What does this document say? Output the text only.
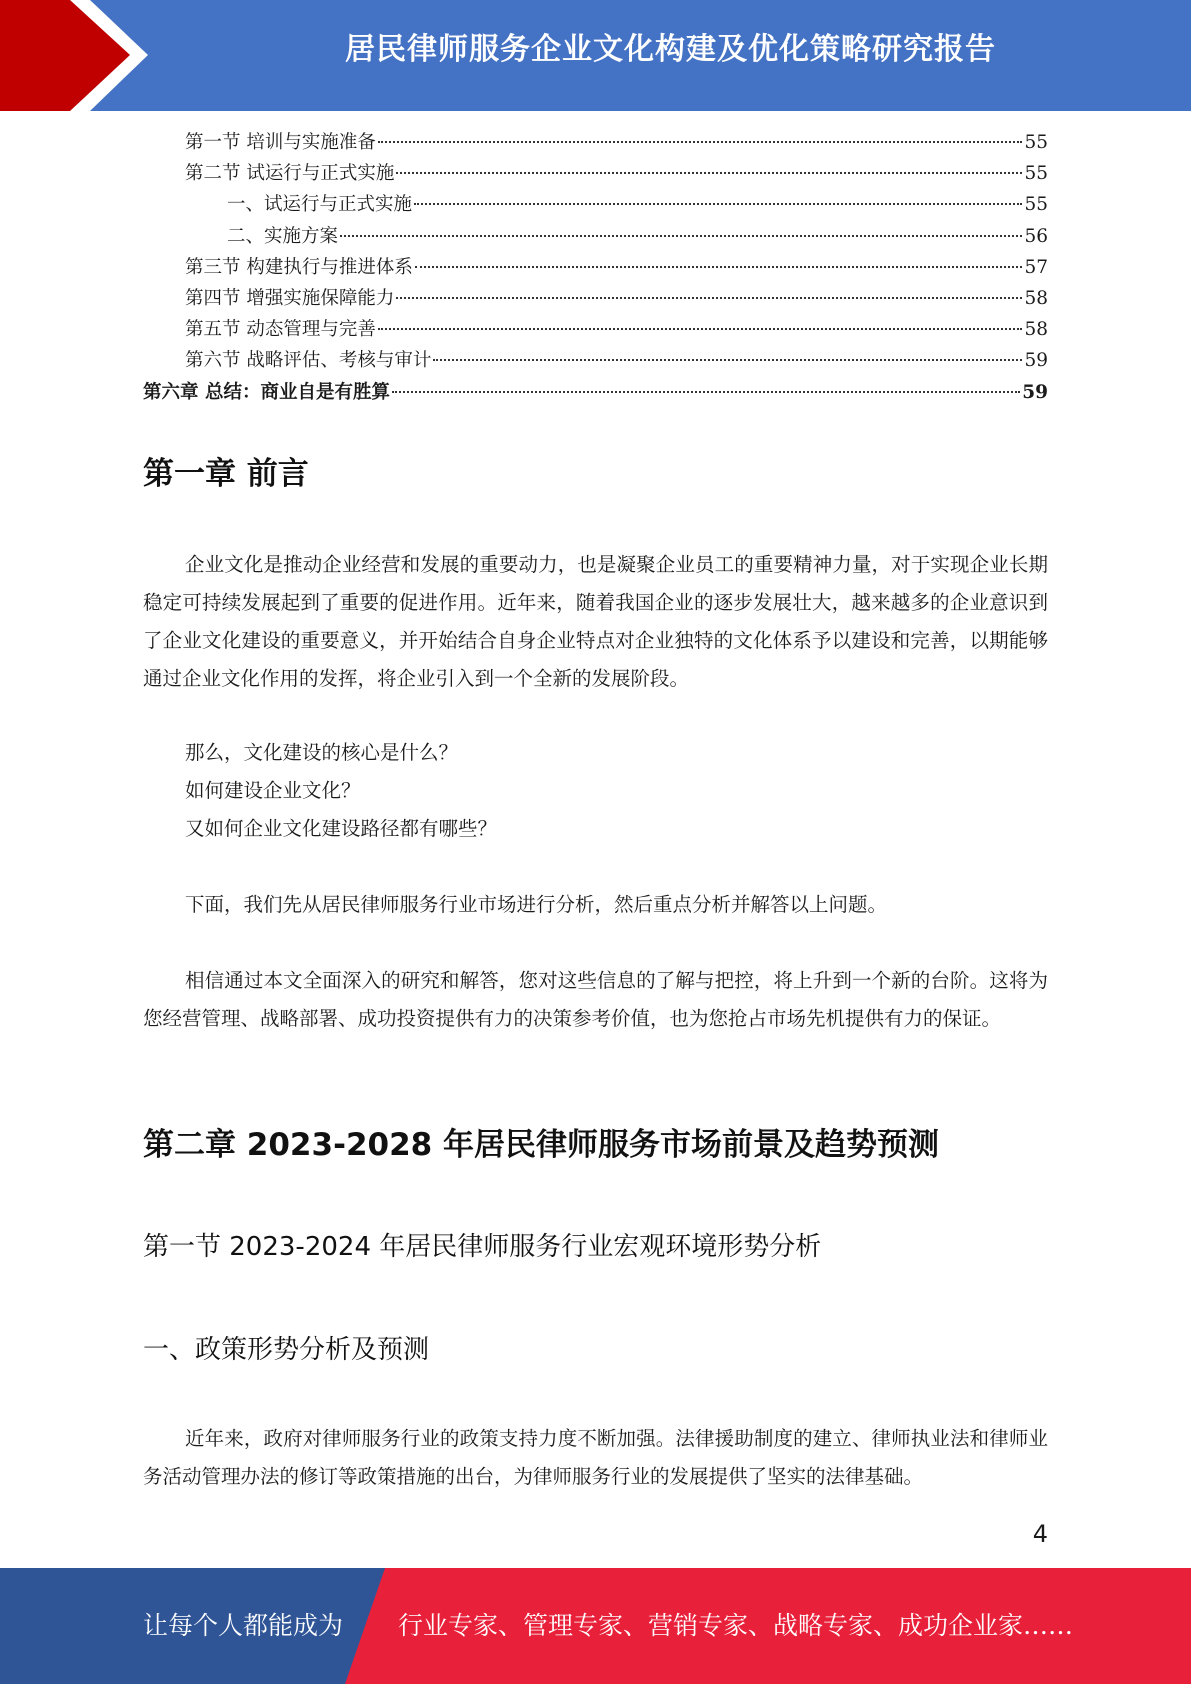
居民律师服务企业文化构建及优化策略研究报告
第一节 培训与实施准备	55
第二节 试运行与正式实施	55
一、试运行与正式实施	55
二、实施方案	56
第三节 构建执行与推进体系	57
第四节 增强实施保障能力	58
第五节 动态管理与完善	58
第六节 战略评估、考核与审计	59
第六章 总结：商业自是有胜算	59
第一章 前言

企业文化是推动企业经营和发展的重要动力，也是凝聚企业员工的重要精神力量，对于实现企业长期稳定可持续发展起到了重要的促进作用。近年来，随着我国企业的逐步发展壮大，越来越多的企业意识到了企业文化建设的重要意义，并开始结合自身企业特点对企业独特的文化体系予以建设和完善，以期能够通过企业文化作用的发挥，将企业引入到一个全新的发展阶段。

那么，文化建设的核心是什么？

如何建设企业文化？

又如何企业文化建设路径都有哪些？

下面，我们先从居民律师服务行业市场进行分析，然后重点分析并解答以上问题。

相信通过本文全面深入的研究和解答，您对这些信息的了解与把控，将上升到一个新的台阶。这将为您经营管理、战略部署、成功投资提供有力的决策参考价值，也为您抢占市场先机提供有力的保证。

第二章 2023-2028 年居民律师服务市场前景及趋势预测
第一节 2023-2024 年居民律师服务行业宏观环境形势分析
一、政策形势分析及预测

近年来，政府对律师服务行业的政策支持力度不断加强。法律援助制度的建立、律师执业法和律师业务活动管理办法的修订等政策措施的出台，为律师服务行业的发展提供了坚实的法律基础。

4
让每个人都能成为 行业专家、管理专家、营销专家、战略专家、成功企业家……
